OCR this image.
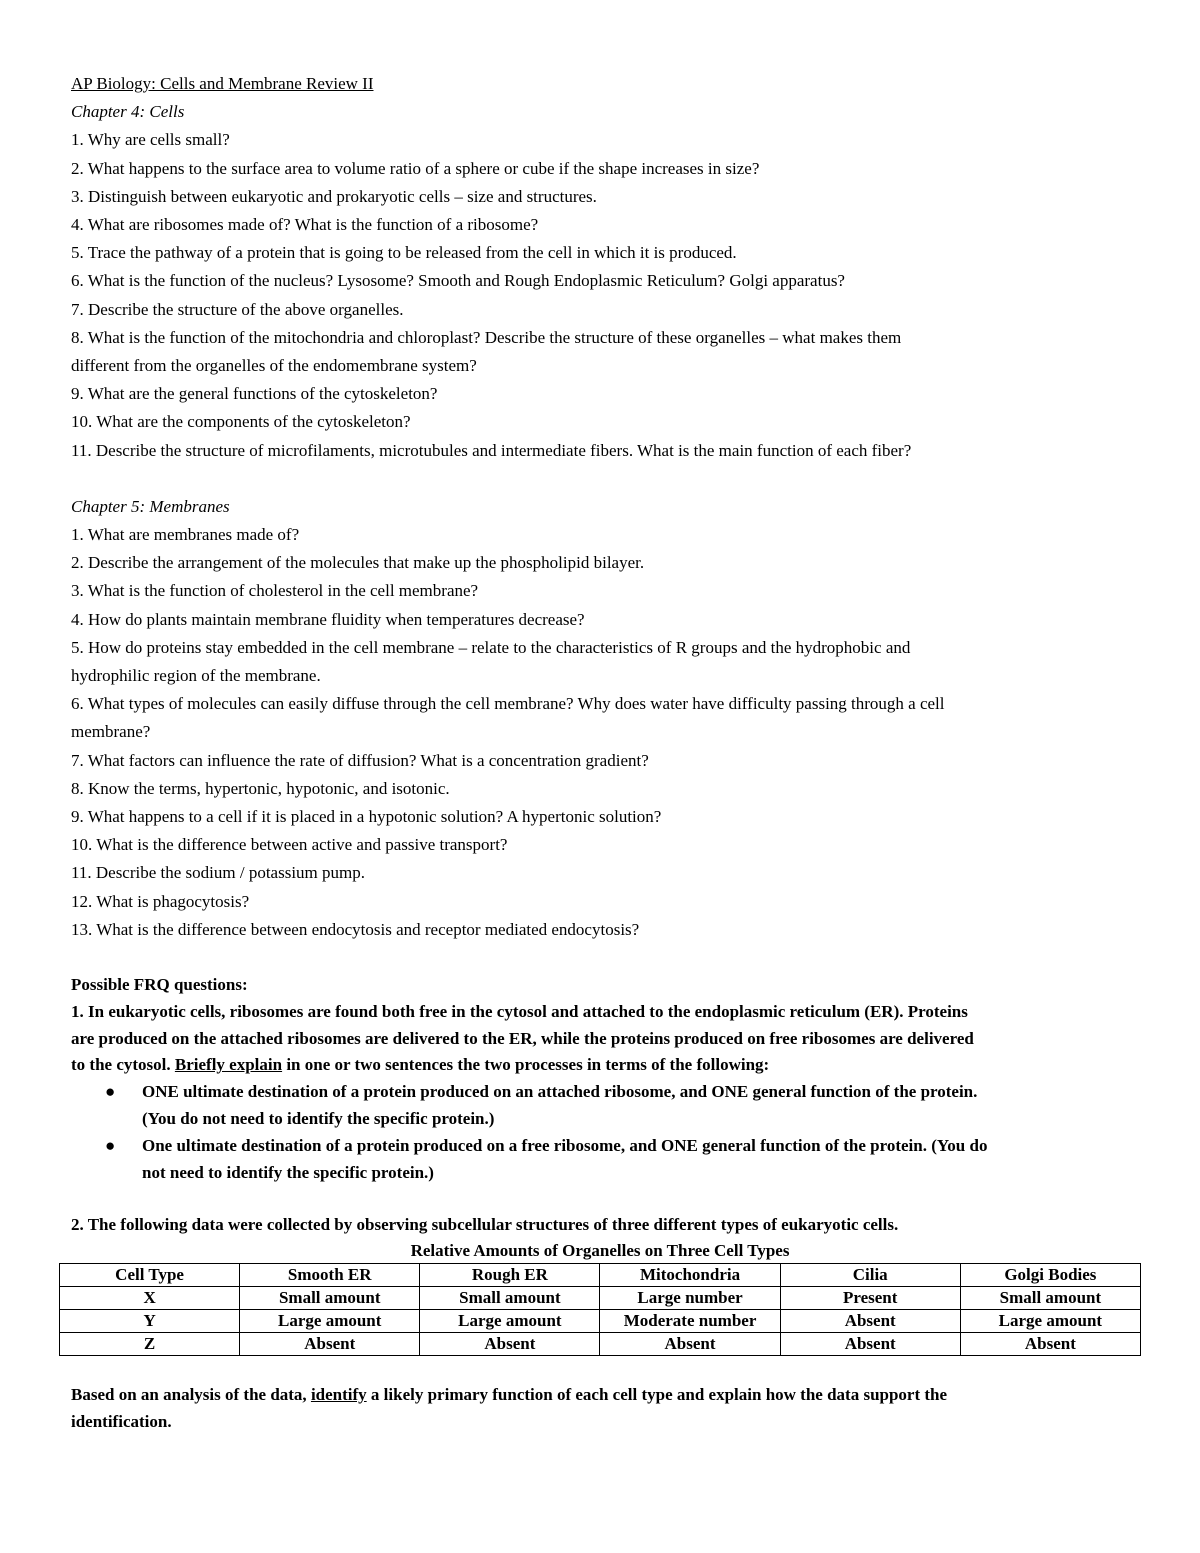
AP Biology: Cells and Membrane Review II
Chapter 4: Cells
1. Why are cells small?
2. What happens to the surface area to volume ratio of a sphere or cube if the shape increases in size?
3. Distinguish between eukaryotic and prokaryotic cells – size and structures.
4. What are ribosomes made of? What is the function of a ribosome?
5. Trace the pathway of a protein that is going to be released from the cell in which it is produced.
6. What is the function of the nucleus? Lysosome? Smooth and Rough Endoplasmic Reticulum? Golgi apparatus?
7. Describe the structure of the above organelles.
8. What is the function of the mitochondria and chloroplast? Describe the structure of these organelles – what makes them
different from the organelles of the endomembrane system?
9. What are the general functions of the cytoskeleton?
10. What are the components of the cytoskeleton?
11. Describe the structure of microfilaments, microtubules and intermediate fibers. What is the main function of each fiber?
Chapter 5: Membranes
1. What are membranes made of?
2. Describe the arrangement of the molecules that make up the phospholipid bilayer.
3. What is the function of cholesterol in the cell membrane?
4. How do plants maintain membrane fluidity when temperatures decrease?
5. How do proteins stay embedded in the cell membrane – relate to the characteristics of R groups and the hydrophobic and
hydrophilic region of the membrane.
6. What types of molecules can easily diffuse through the cell membrane? Why does water have difficulty passing through a cell
membrane?
7. What factors can influence the rate of diffusion? What is a concentration gradient?
8. Know the terms, hypertonic, hypotonic, and isotonic.
9. What happens to a cell if it is placed in a hypotonic solution? A hypertonic solution?
10. What is the difference between active and passive transport?
11. Describe the sodium / potassium pump.
12. What is phagocytosis?
13. What is the difference between endocytosis and receptor mediated endocytosis?
Possible FRQ questions:
1. In eukaryotic cells, ribosomes are found both free in the cytosol and attached to the endoplasmic reticulum (ER). Proteins
are produced on the attached ribosomes are delivered to the ER, while the proteins produced on free ribosomes are delivered
to the cytosol. Briefly explain in one or two sentences the two processes in terms of the following:
● ONE ultimate destination of a protein produced on an attached ribosome, and ONE general function of the protein.
(You do not need to identify the specific protein.)
● One ultimate destination of a protein produced on a free ribosome, and ONE general function of the protein. (You do
not need to identify the specific protein.)
2. The following data were collected by observing subcellular structures of three different types of eukaryotic cells.
Relative Amounts of Organelles on Three Cell Types
Cell Type	Smooth ER	Rough ER	Mitochondria	Cilia	Golgi Bodies
X	Small amount	Small amount	Large number	Present	Small amount
Y	Large amount	Large amount	Moderate number	Absent	Large amount
Z	Absent	Absent	Absent	Absent	Absent
Based on an analysis of the data, identify a likely primary function of each cell type and explain how the data support the
identification.
